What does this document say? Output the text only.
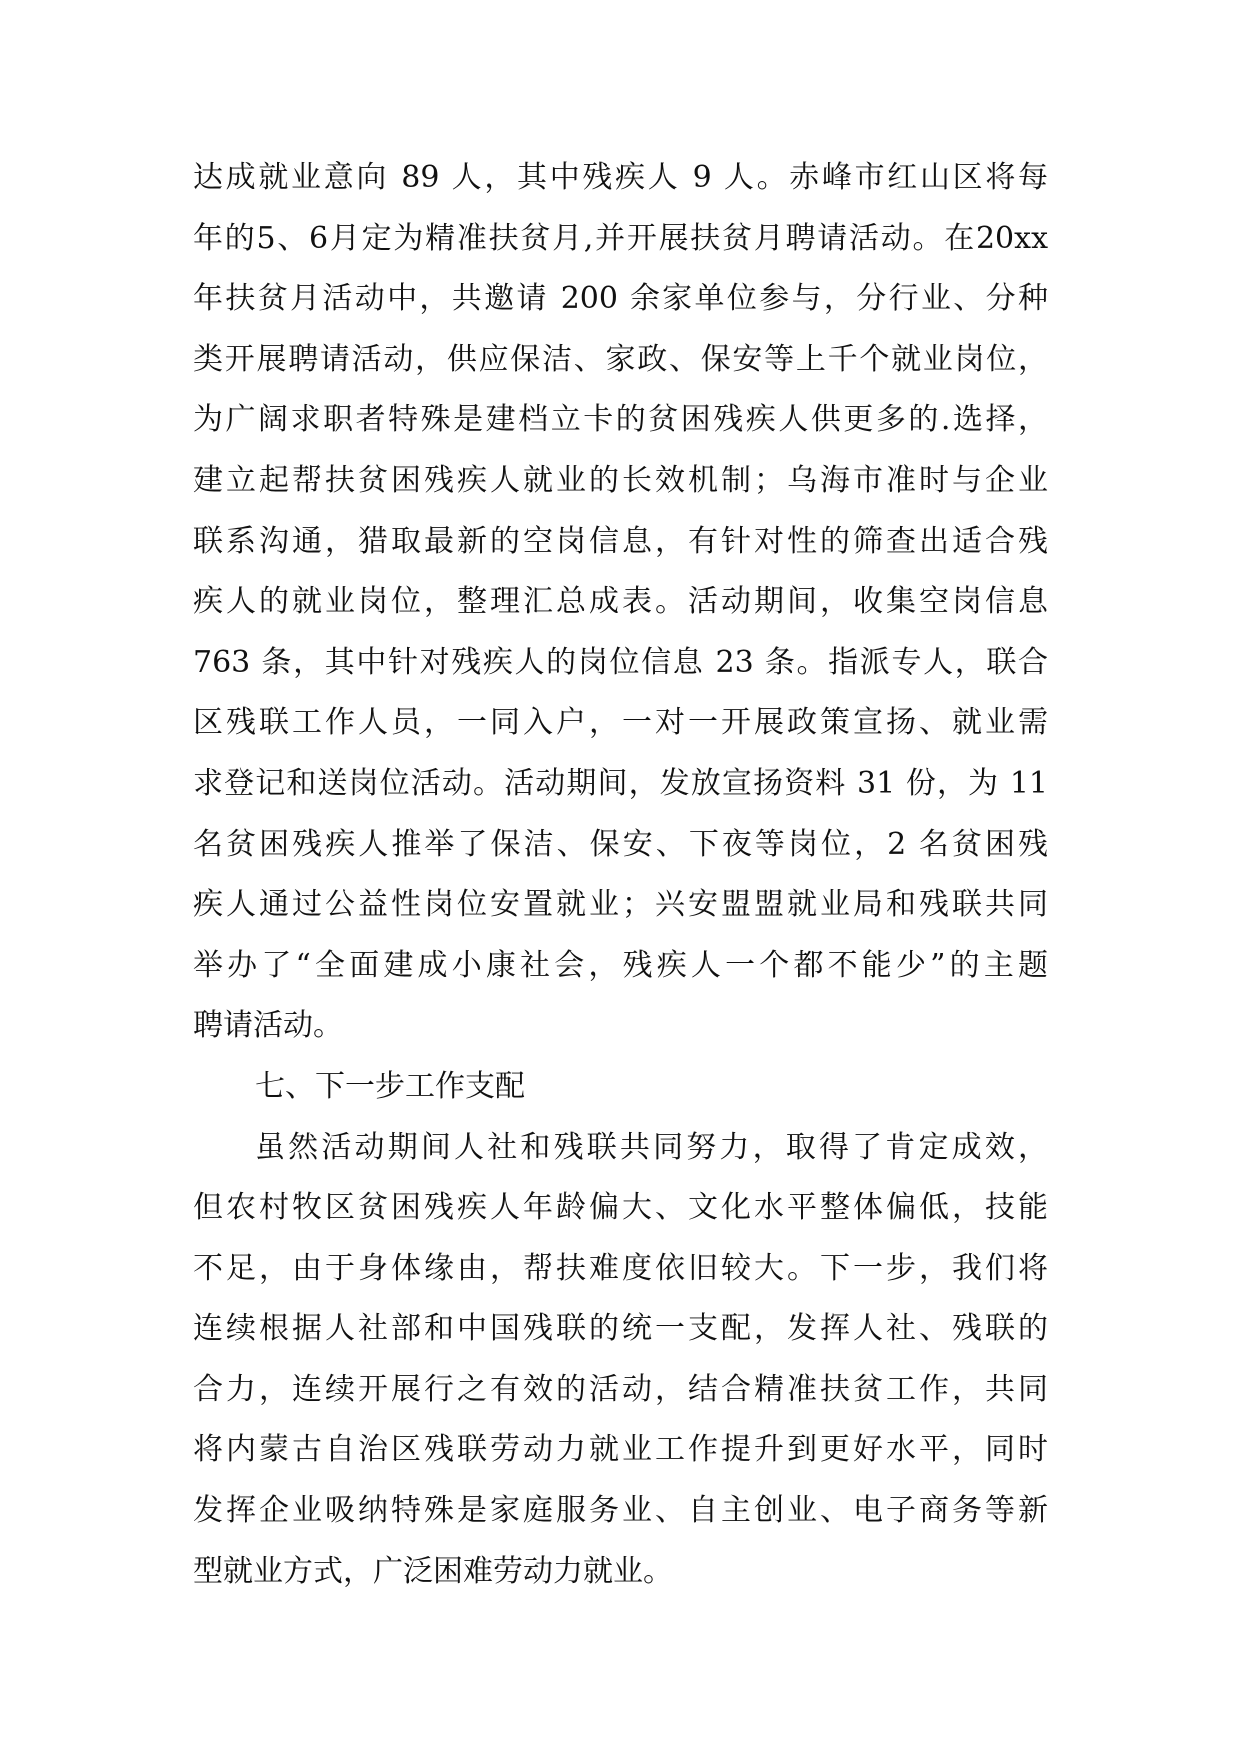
达成就业意向 89 人，其中残疾人 9 人。赤峰市红山区将每
年的5、6月定为精准扶贫月,并开展扶贫月聘请活动。在20xx
年扶贫月活动中，共邀请 200 余家单位参与，分行业、分种
类开展聘请活动，供应保洁、家政、保安等上千个就业岗位，
为广阔求职者特殊是建档立卡的贫困残疾人供更多的.选择，
建立起帮扶贫困残疾人就业的长效机制；乌海市准时与企业
联系沟通，猎取最新的空岗信息，有针对性的筛查出适合残
疾人的就业岗位，整理汇总成表。活动期间，收集空岗信息
763 条，其中针对残疾人的岗位信息 23 条。指派专人，联合
区残联工作人员，一同入户，一对一开展政策宣扬、就业需
求登记和送岗位活动。活动期间，发放宣扬资料 31 份，为 11
名贫困残疾人推举了保洁、保安、下夜等岗位，2 名贫困残
疾人通过公益性岗位安置就业；兴安盟盟就业局和残联共同
举办了“全面建成小康社会，残疾人一个都不能少”的主题
聘请活动。
七、下一步工作支配
虽然活动期间人社和残联共同努力，取得了肯定成效，
但农村牧区贫困残疾人年龄偏大、文化水平整体偏低，技能
不足，由于身体缘由，帮扶难度依旧较大。下一步，我们将
连续根据人社部和中国残联的统一支配，发挥人社、残联的
合力，连续开展行之有效的活动，结合精准扶贫工作，共同
将内蒙古自治区残联劳动力就业工作提升到更好水平，同时
发挥企业吸纳特殊是家庭服务业、自主创业、电子商务等新
型就业方式，广泛困难劳动力就业。
